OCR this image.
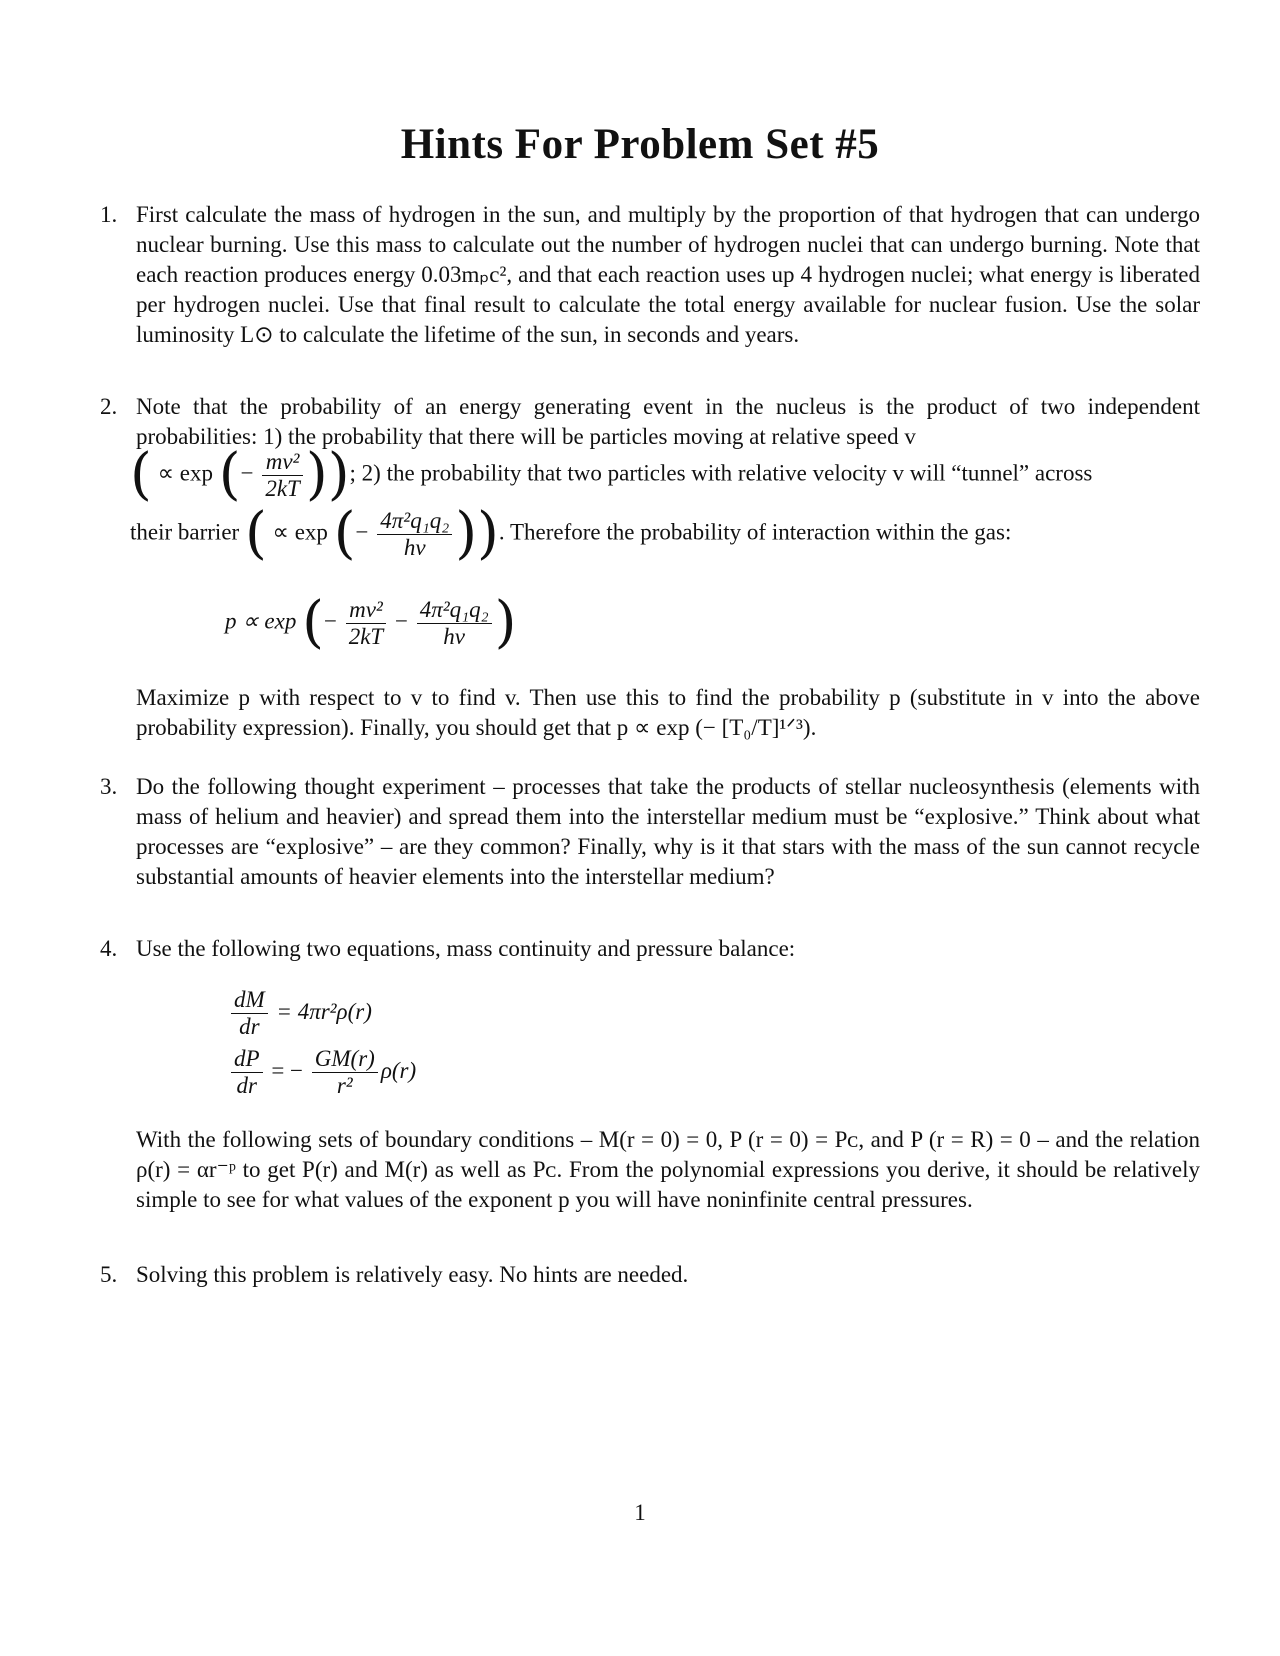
Hints For Problem Set #5
1. First calculate the mass of hydrogen in the sun, and multiply by the proportion of that hydrogen that can undergo nuclear burning. Use this mass to calculate out the number of hydrogen nuclei that can undergo burning. Note that each reaction produces energy 0.03mₚc², and that each reaction uses up 4 hydrogen nuclei; what energy is liberated per hydrogen nuclei. Use that final result to calculate the total energy available for nuclear fusion. Use the solar luminosity L⊙ to calculate the lifetime of the sun, in seconds and years.
2. Note that the probability of an energy generating event in the nucleus is the product of two independent probabilities: 1) the probability that there will be particles moving at relative speed v
( ∝ exp (− $\frac{\text{mv²}}{2kT}$ )); 2) the probability that two particles with relative velocity v will “tunnel” across
their barrier ( ∝ exp (− $\frac{\text{4π²q₁q₂}}{hv}$ )). Therefore the probability of interaction within the gas:
p ∝ exp (− $\frac{\text{mv²}}{2kT} - \frac{\text{4π²q₁q₂}}{hv}$ )
Maximize p with respect to v to find v. Then use this to find the probability p (substitute in v into the above probability expression). Finally, you should get that p ∝ exp (− [T₀/T]¹ᐟ³).
3. Do the following thought experiment – processes that take the products of stellar nucleosynthesis (elements with mass of helium and heavier) and spread them into the interstellar medium must be “explosive.” Think about what processes are “explosive” – are they common? Finally, why is it that stars with the mass of the sun cannot recycle substantial amounts of heavier elements into the interstellar medium?
4. Use the following two equations, mass continuity and pressure balance:
$\frac{dM}{dr} = 4\pi r^2\rho(r)$
$\frac{dP}{dr}$ = − $\frac{GM(r)}{\text{r²}} \rho(r)$
With the following sets of boundary conditions – M(r = 0) = 0, P (r = 0) = Pᴄ, and P (r = R) = 0 – and the relation ρ(r) = αr⁻ᵖ to get P(r) and M(r) as well as Pᴄ. From the polynomial expressions you derive, it should be relatively simple to see for what values of the exponent p you will have noninfinite central pressures.
5. Solving this problem is relatively easy. No hints are needed.
1
